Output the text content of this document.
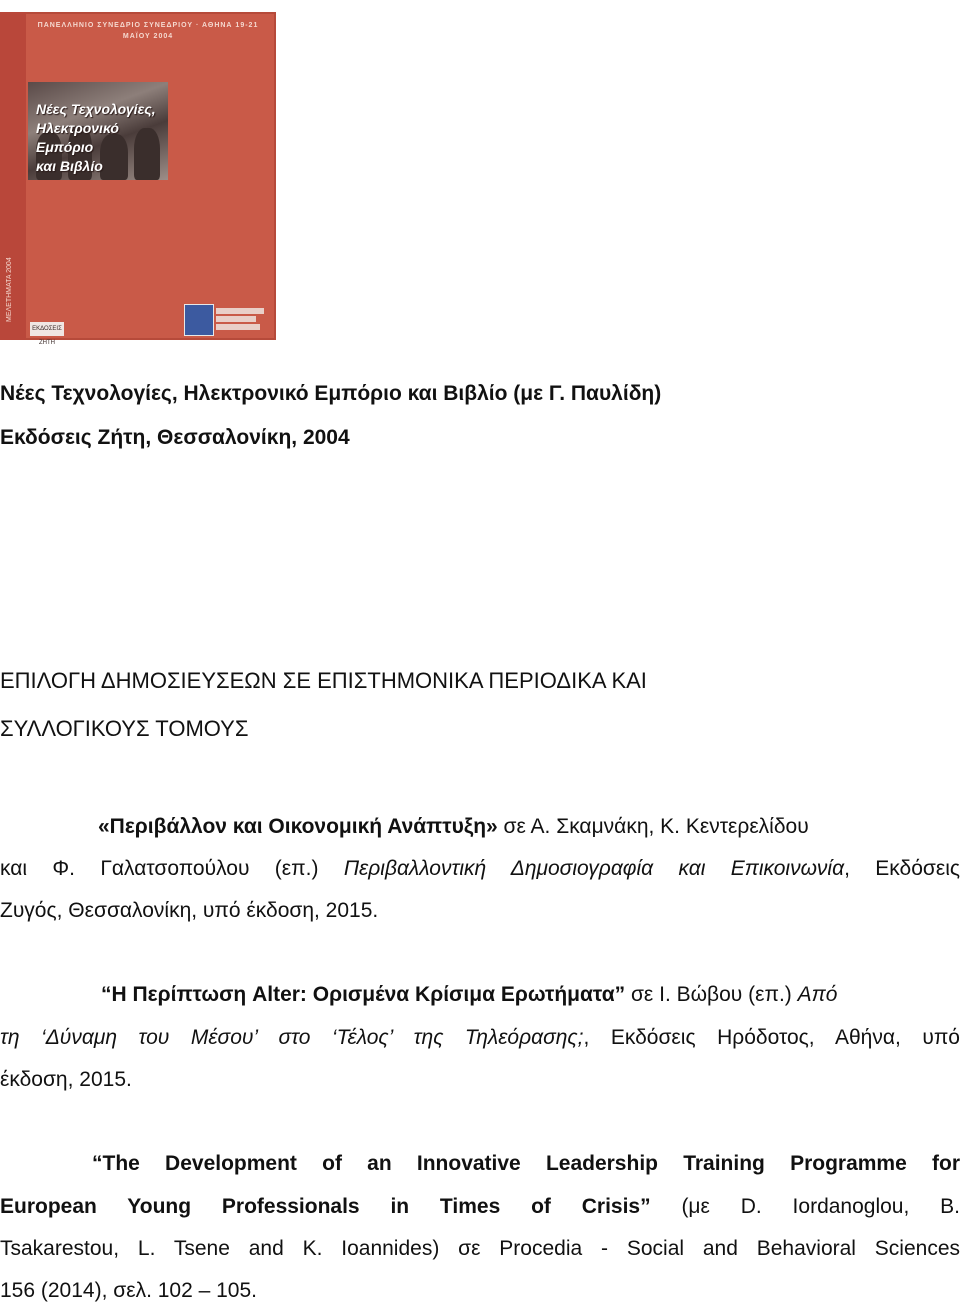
ΜΕΛΕΤΗΜΑΤΑ 2004
ΠΑΝΕΛΛΗΝΙΟ ΣΥΝΕΔΡΙΟ ΣΥΝΕΔΡΙΟΥ · ΑΘΗΝΑ 19-21 ΜΑΪΟΥ 2004
Νέες Τεχνολογίες,
Ηλεκτρονικό Εμπόριο
και Βιβλίο
ΕΚΔΟΣΕΙΣ ΖΗΤΗ
Νέες Τεχνολογίες, Ηλεκτρονικό Εμπόριο και Βιβλίο (με Γ. Παυλίδη)
Εκδόσεις Ζήτη, Θεσσαλονίκη, 2004
ΕΠΙΛΟΓΗ ΔΗΜΟΣΙΕΥΣΕΩΝ ΣΕ ΕΠΙΣΤΗΜΟΝΙΚΑ ΠΕΡΙΟΔΙΚΑ ΚΑΙ
ΣΥΛΛΟΓΙΚΟΥΣ ΤΟΜΟΥΣ
«Περιβάλλον και Οικονομική Ανάπτυξη» σε Α. Σκαμνάκη, Κ. Κεντερελίδου
και Φ. Γαλατσοπούλου (επ.) Περιβαλλοντική Δημοσιογραφία και Επικοινωνία, Εκδόσεις
Ζυγός, Θεσσαλονίκη, υπό έκδοση, 2015.
“Η Περίπτωση Alter: Ορισμένα Κρίσιμα Ερωτήματα” σε Ι. Βώβου (επ.) Από
τη ‘Δύναμη του Μέσου’ στο ‘Τέλος’ της Τηλεόρασης;, Εκδόσεις Ηρόδοτος, Αθήνα, υπό
έκδοση, 2015.
“The Development of an Innovative Leadership Training Programme for
European Young Professionals in Times of Crisis” (με D. Iordanoglou, B.
Tsakarestou, L. Tsene and K. Ioannides) σε Procedia - Social and Behavioral Sciences
156 (2014), σελ. 102 – 105.
